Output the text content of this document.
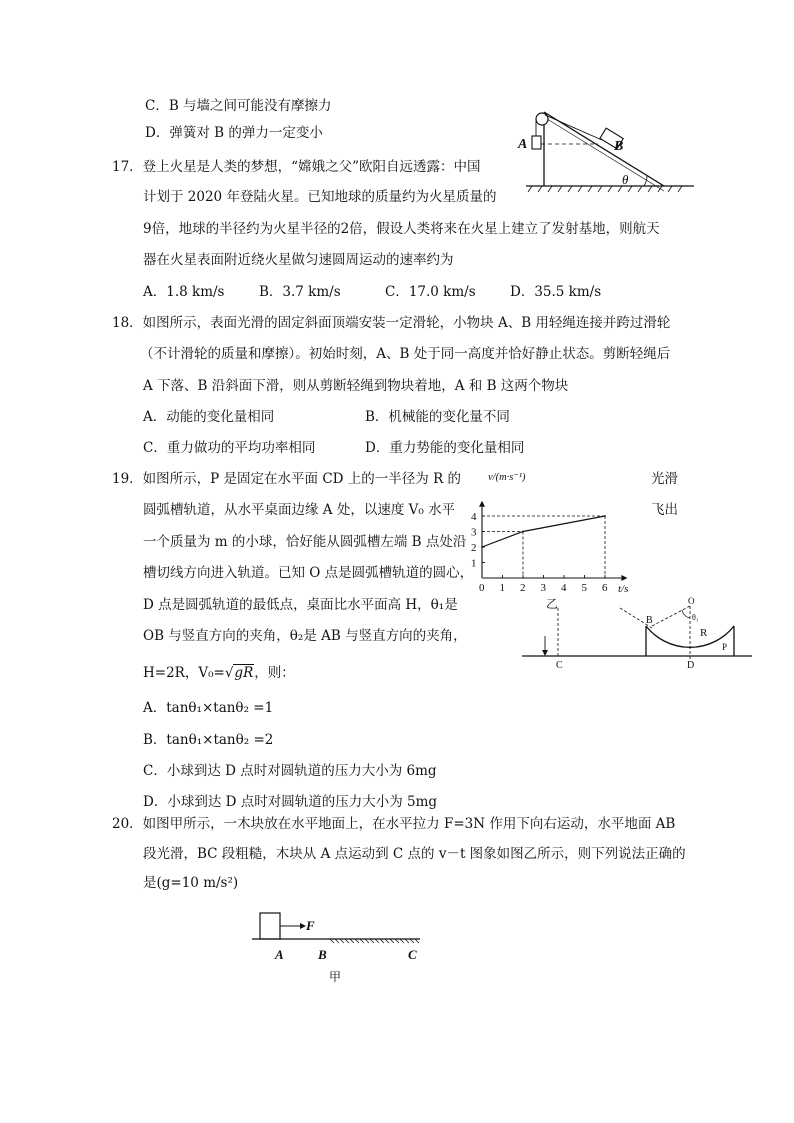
C．B 与墙之间可能没有摩擦力
D．弹簧对 B 的弹力一定变小
A	B
θ
17．登上火星是人类的梦想，“嫦娥之父”欧阳自远透露：中国
计划于 2020 年登陆火星。已知地球的质量约为火星质量的
9倍，地球的半径约为火星半径的2倍，假设人类将来在火星上建立了发射基地，则航天
器在火星表面附近绕火星做匀速圆周运动的速率约为
A．1.8 km/s	B．3.7 km/s	C．17.0 km/s	D．35.5 km/s
18．如图所示，表面光滑的固定斜面顶端安装一定滑轮，小物块 A、B 用轻绳连接并跨过滑轮
（不计滑轮的质量和摩擦）。初始时刻，A、B 处于同一高度并恰好静止状态。剪断轻绳后
A 下落、B 沿斜面下滑，则从剪断轻绳到物块着地，A 和 B 这两个物块
A．动能的变化量相同	B．机械能的变化量不同
C．重力做功的平均功率相同	D．重力势能的变化量相同
19．如图所示，P 是固定在水平面 CD 上的一半径为 R 的	光滑
圆弧槽轨道，从水平桌面边缘 A 处，以速度 V₀ 水平	飞出
一个质量为 m 的小球，恰好能从圆弧槽左端 B 点处沿
槽切线方向进入轨道。已知 O 点是圆弧槽轨道的圆心，
D 点是圆弧轨道的最低点，桌面比水平面高 H，θ₁是
OB 与竖直方向的夹角，θ₂是 AB 与竖直方向的夹角，
H=2R，V₀=√gR，则：
A．tanθ₁×tanθ₂ =1
B．tanθ₁×tanθ₂ =2
C．小球到达 D 点时对圆轨道的压力大小为 6mg
D．小球到达 D 点时对圆轨道的压力大小为 5mg
0 1 2 3 4 5 6
1
2
3
4
v/(m·s⁻¹)
t/s
乙
B
O
θ₁
R
P
D
C
20．如图甲所示，一木块放在水平地面上，在水平拉力 F=3N 作用下向右运动，水平地面 AB
段光滑，BC 段粗糙，木块从 A 点运动到 C 点的 v－t 图象如图乙所示，则下列说法正确的
是(g=10 m/s²)
F
A	B	C
甲
